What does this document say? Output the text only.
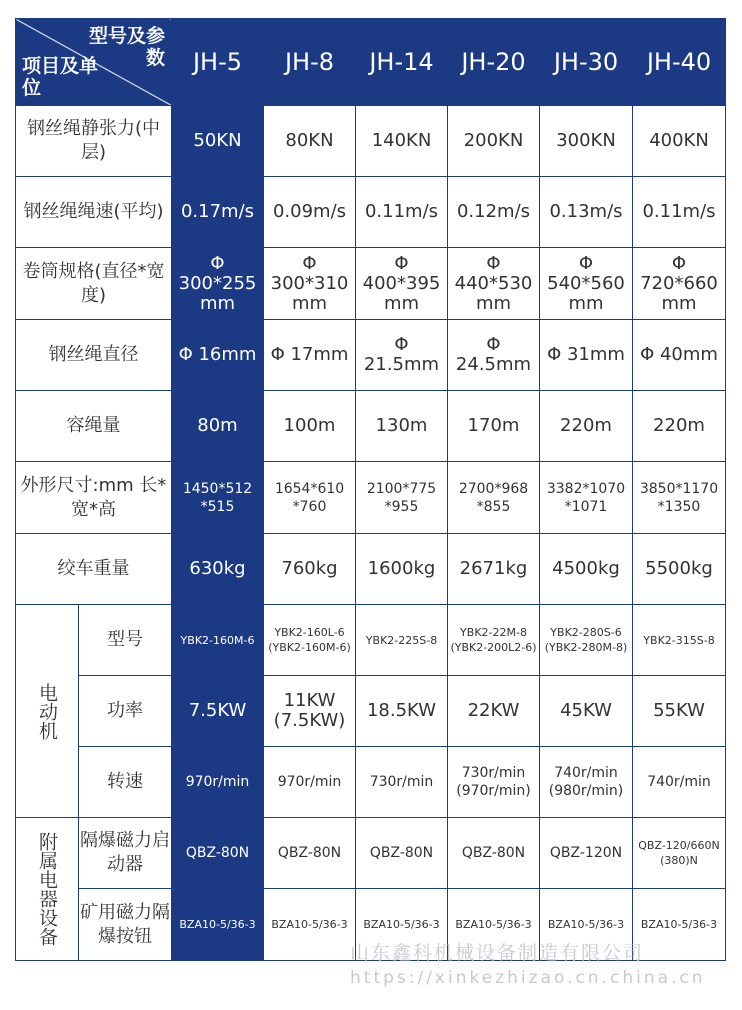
型号及参数
项目及单位		JH-5	JH-8	JH-14	JH-20	JH-30	JH-40
钢丝绳静张力(中层)		50KN	80KN	140KN	200KN	300KN	400KN
钢丝绳绳速(平均)		0.17m/s	0.09m/s	0.11m/s	0.12m/s	0.13m/s	0.11m/s
卷筒规格(直径*宽度)		Φ 300*255 mm	Φ 300*310 mm	Φ 400*395 mm	Φ 440*530 mm	Φ 540*560 mm	Φ 720*660 mm
钢丝绳直径		Φ 16mm	Φ 17mm	Φ 21.5mm	Φ 24.5mm	Φ 31mm	Φ 40mm
容绳量		80m	100m	130m	170m	220m	220m
外形尺寸:mm 长*宽*高		1450*512 *515	1654*610 *760	2100*775 *955	2700*968 *855	3382*1070 *1071	3850*1170 *1350
绞车重量		630kg	760kg	1600kg	2671kg	4500kg	5500kg
电动机	型号	YBK2-160M-6	YBK2-160L-6 (YBK2-160M-6)	YBK2-225S-8	YBK2-22M-8 (YBK2-200L2-6)	YBK2-280S-6 (YBK2-280M-8)	YBK2-315S-8
	功率	7.5KW	11KW (7.5KW)	18.5KW	22KW	45KW	55KW
	转速	970r/min	970r/min	730r/min	730r/min (970r/min)	740r/min (980r/min)	740r/min
附属电器设备	隔爆磁力启动器	QBZ-80N	QBZ-80N	QBZ-80N	QBZ-80N	QBZ-120N	QBZ-120/660N (380)N
	矿用磁力隔爆按钮	BZA10-5/36-3	BZA10-5/36-3	BZA10-5/36-3	BZA10-5/36-3	BZA10-5/36-3	BZA10-5/36-3
山东鑫科机械设备制造有限公司
https://xinkezhizao.cn.china.cn
